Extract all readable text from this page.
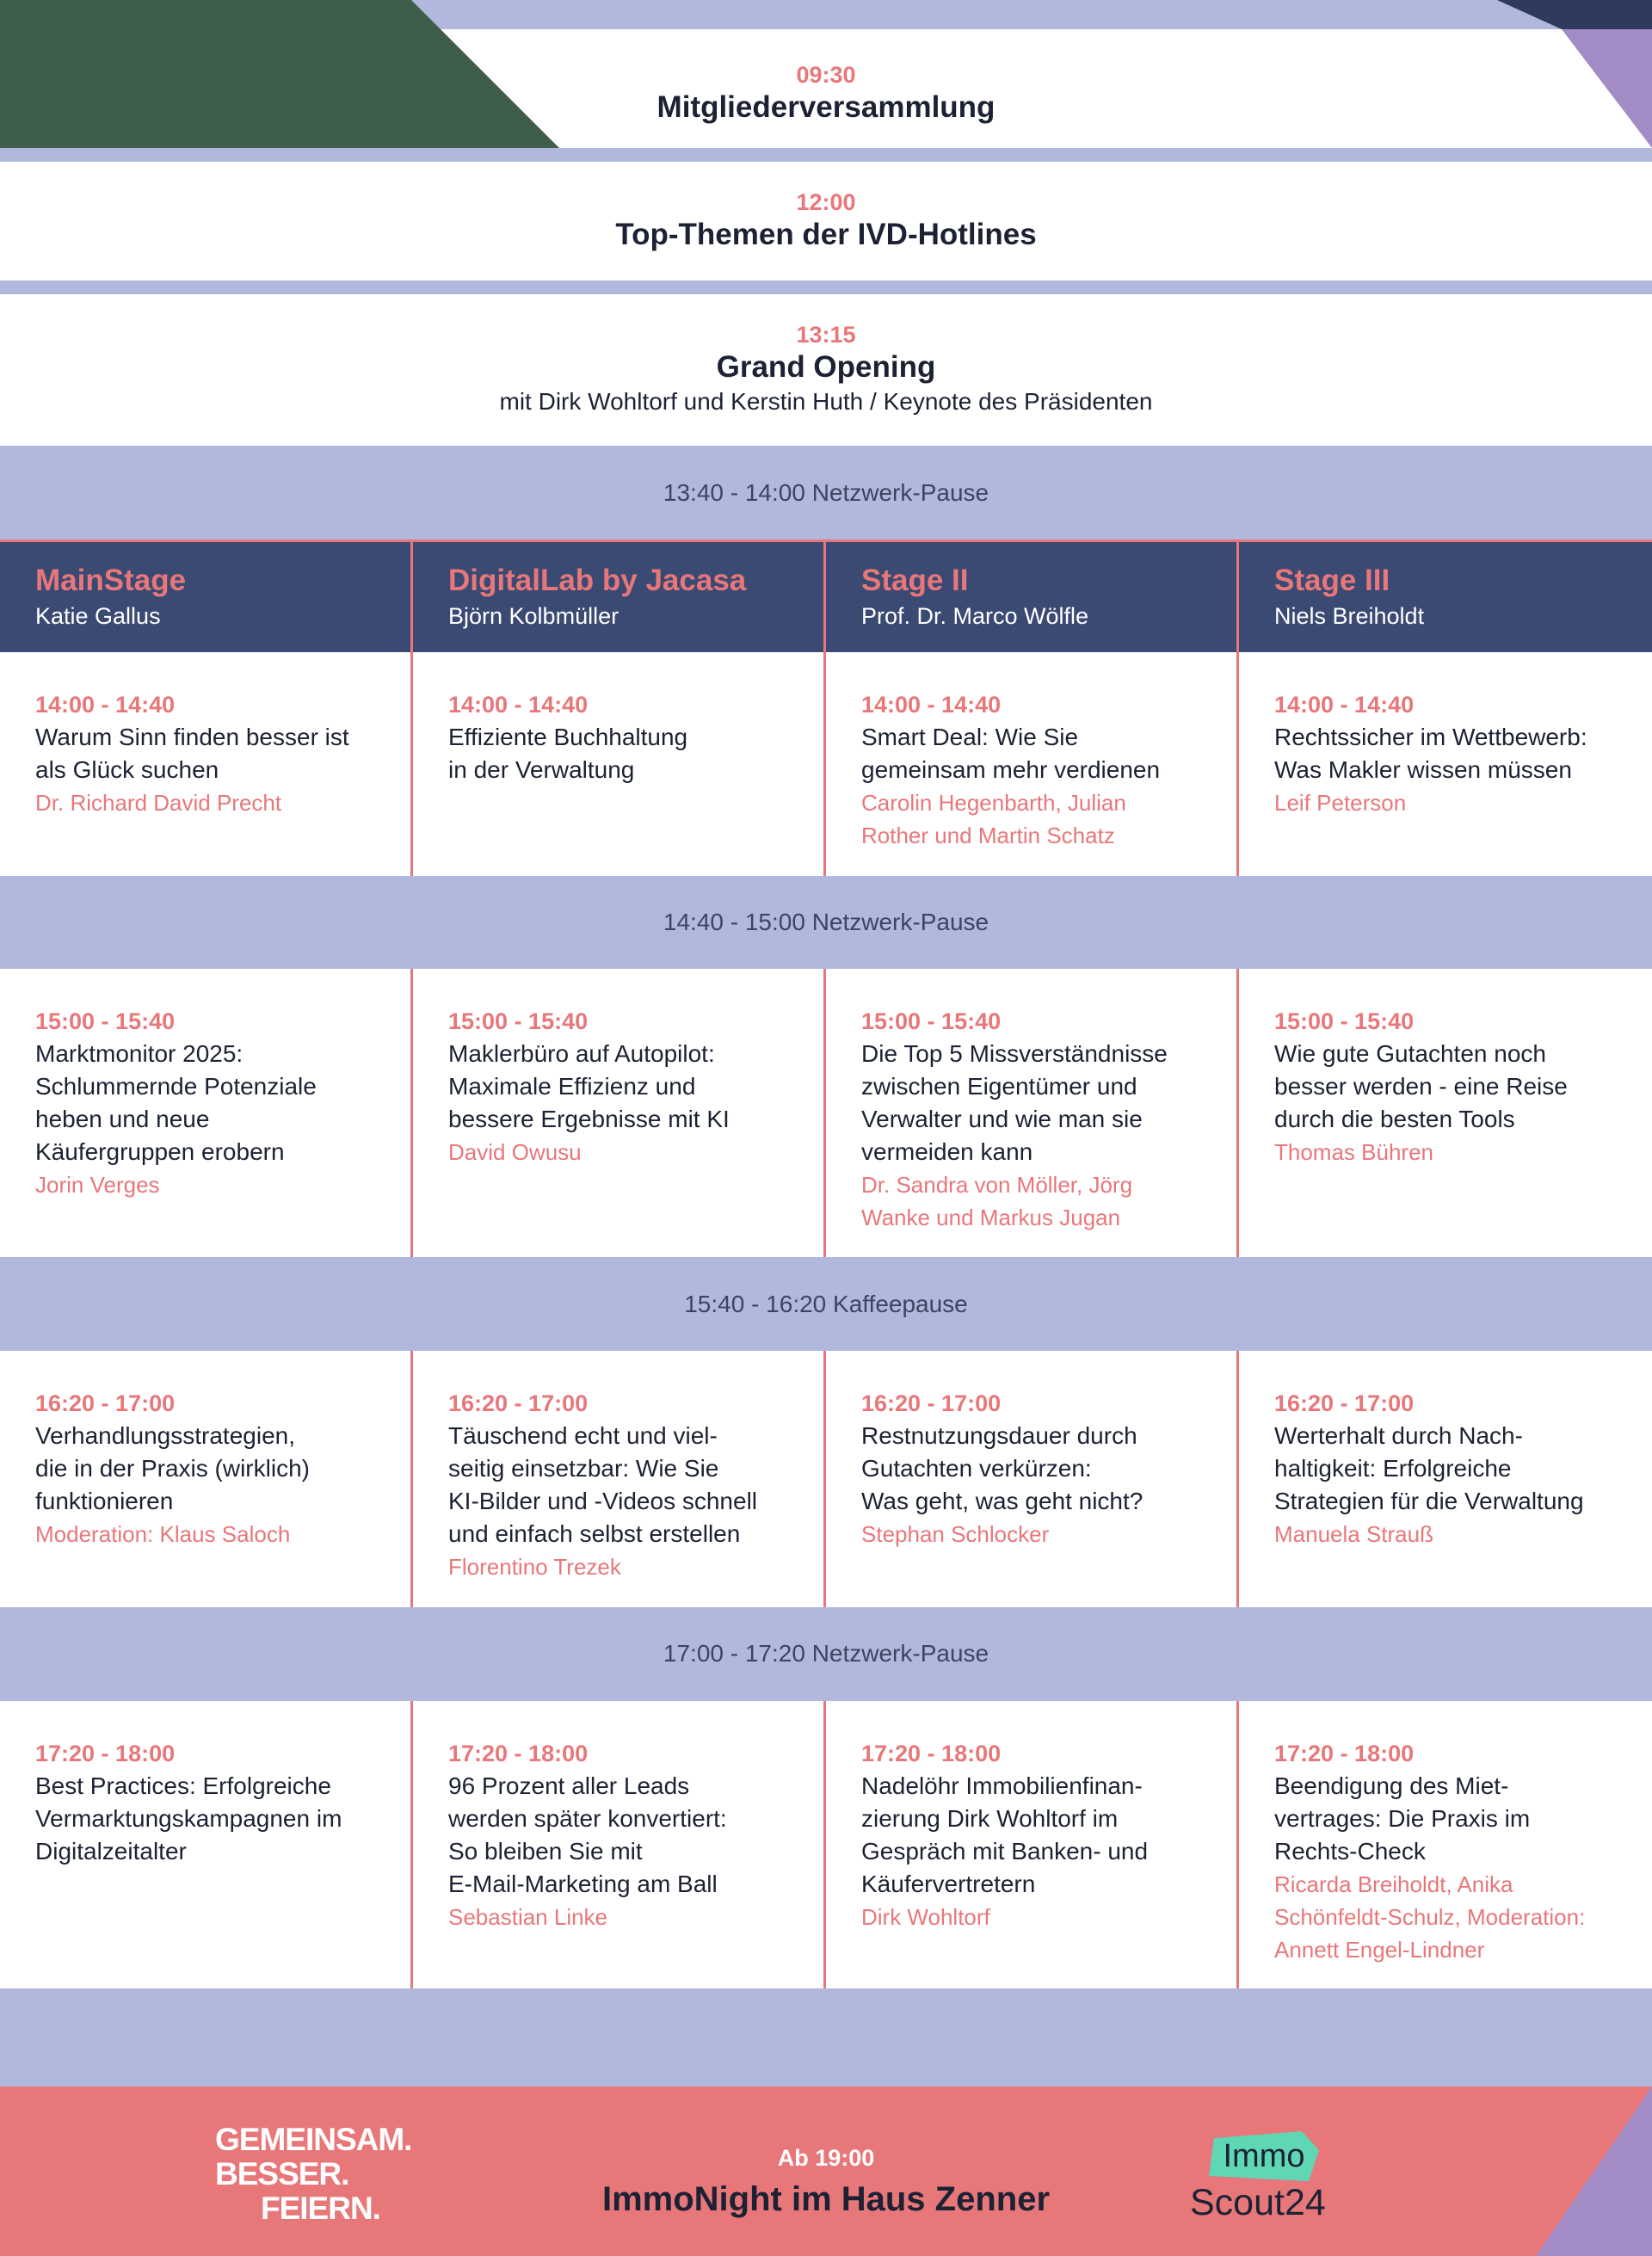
09:30
Mitgliederversammlung
12:00
Top-Themen der IVD-Hotlines
13:15
Grand Opening
mit Dirk Wohltorf und Kerstin Huth / Keynote des Präsidenten
13:40 - 14:00 Netzwerk-Pause
MainStage
Katie Gallus
DigitalLab by Jacasa
Björn Kolbmüller
Stage II
Prof. Dr. Marco Wölfle
Stage III
Niels Breiholdt
14:00 - 14:40
Warum Sinn finden besser ist
als Glück suchen
Dr. Richard David Precht
14:00 - 14:40
Effiziente Buchhaltung
in der Verwaltung
14:00 - 14:40
Smart Deal: Wie Sie
gemeinsam mehr verdienen
Carolin Hegenbarth, Julian
Rother und Martin Schatz
14:00 - 14:40
Rechtssicher im Wettbewerb:
Was Makler wissen müssen
Leif Peterson
14:40 - 15:00 Netzwerk-Pause
15:00 - 15:40
Marktmonitor 2025:
Schlummernde Potenziale
heben und neue
Käufergruppen erobern
Jorin Verges
15:00 - 15:40
Maklerbüro auf Autopilot:
Maximale Effizienz und
bessere Ergebnisse mit KI
David Owusu
15:00 - 15:40
Die Top 5 Missverständnisse
zwischen Eigentümer und
Verwalter und wie man sie
vermeiden kann
Dr. Sandra von Möller, Jörg
Wanke und Markus Jugan
15:00 - 15:40
Wie gute Gutachten noch
besser werden - eine Reise
durch die besten Tools
Thomas Bühren
15:40 - 16:20 Kaffeepause
16:20 - 17:00
Verhandlungsstrategien,
die in der Praxis (wirklich)
funktionieren
Moderation: Klaus Saloch
16:20 - 17:00
Täuschend echt und viel-
seitig einsetzbar: Wie Sie
KI-Bilder und -Videos schnell
und einfach selbst erstellen
Florentino Trezek
16:20 - 17:00
Restnutzungsdauer durch
Gutachten verkürzen:
Was geht, was geht nicht?
Stephan Schlocker
16:20 - 17:00
Werterhalt durch Nach-
haltigkeit: Erfolgreiche
Strategien für die Verwaltung
Manuela Strauß
17:00 - 17:20 Netzwerk-Pause
17:20 - 18:00
Best Practices: Erfolgreiche
Vermarktungskampagnen im
Digitalzeitalter
17:20 - 18:00
96 Prozent aller Leads
werden später konvertiert:
So bleiben Sie mit
E-Mail-Marketing am Ball
Sebastian Linke
17:20 - 18:00
Nadelöhr Immobilienfinan-
zierung Dirk Wohltorf im
Gespräch mit Banken- und
Käufervertretern
Dirk Wohltorf
17:20 - 18:00
Beendigung des Miet-
vertrages: Die Praxis im
Rechts-Check
Ricarda Breiholdt, Anika
Schönfeldt-Schulz, Moderation:
Annett Engel-Lindner
GEMEINSAM.
BESSER.
FEIERN.
Ab 19:00
ImmoNight im Haus Zenner
Immo
Scout24
